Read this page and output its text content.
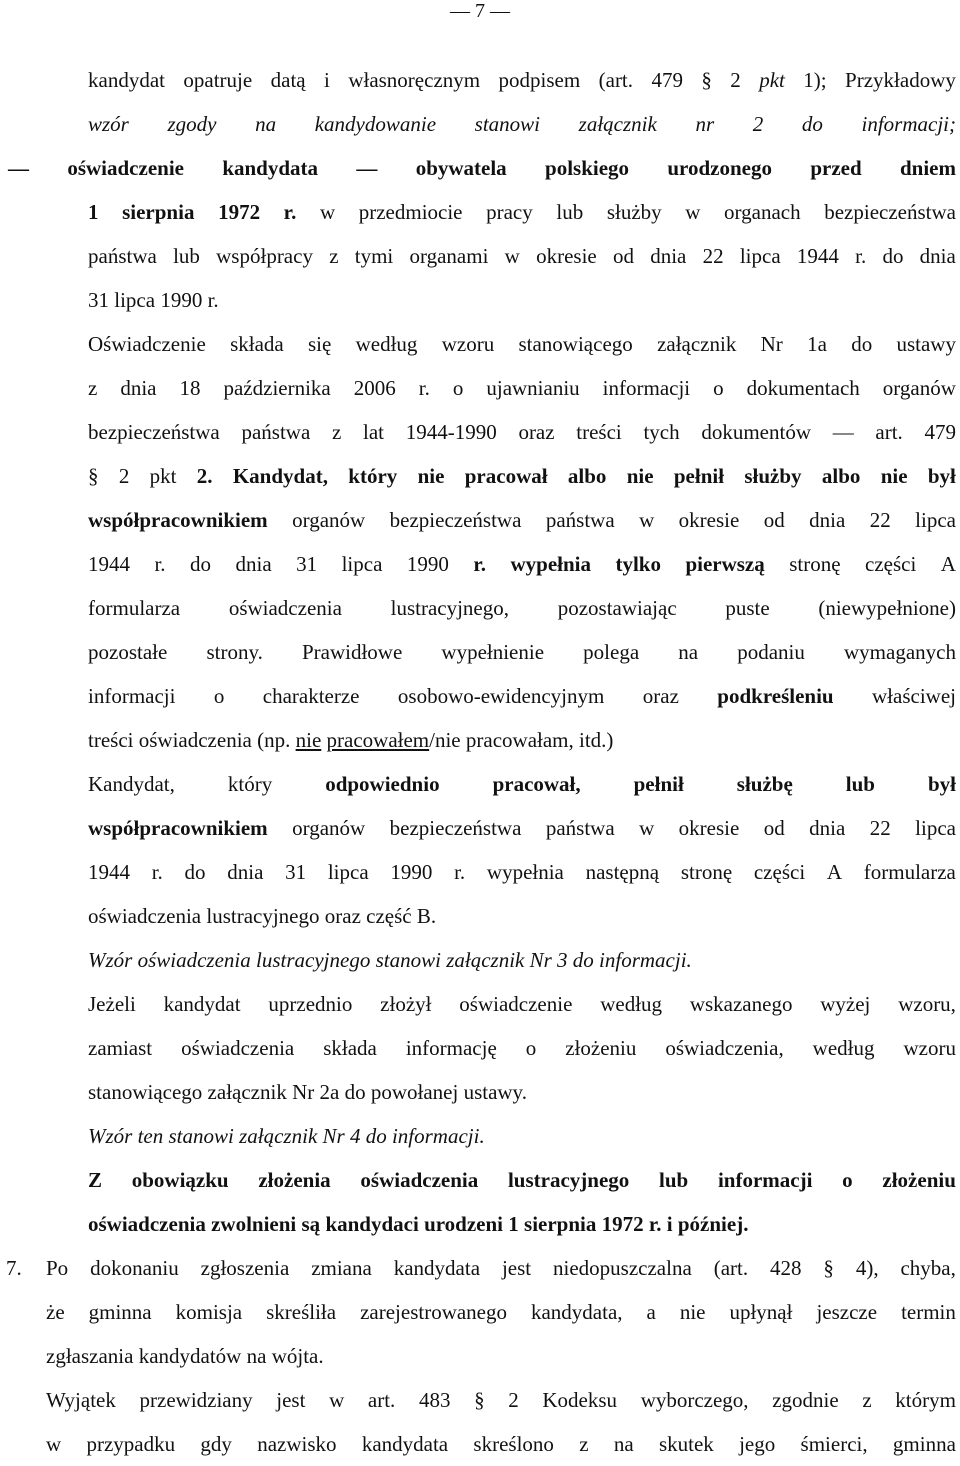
— 7 —
kandydat opatruje datą i własnoręcznym podpisem (art. 479 § 2 pkt 1); Przykładowy
wzór zgody na kandydowanie stanowi załącznik nr 2 do informacji;
— oświadczenie kandydata — obywatela polskiego urodzonego przed dniem
1 sierpnia 1972 r. w przedmiocie pracy lub służby w organach bezpieczeństwa
państwa lub współpracy z tymi organami w okresie od dnia 22 lipca 1944 r. do dnia
31
lipca
1990
r.
Oświadczenie składa się według wzoru stanowiącego załącznik Nr 1a do ustawy
z dnia 18 października 2006 r. o ujawnianiu informacji o dokumentach organów
bezpieczeństwa państwa z lat 1944-1990 oraz treści tych dokumentów — art. 479
§ 2 pkt 2. Kandydat, który nie pracował albo nie pełnił służby albo nie był
współpracownikiem organów bezpieczeństwa państwa w okresie od dnia 22 lipca
1944 r. do dnia 31 lipca 1990 r. wypełnia tylko pierwszą stronę części A
formularza oświadczenia lustracyjnego, pozostawiając puste (niewypełnione)
pozostałe strony. Prawidłowe wypełnienie polega na podaniu wymaganych
informacji o charakterze osobowo-ewidencyjnym oraz podkreśleniu właściwej
treści
oświadczenia
(np.
nie
pracowałem/nie
pracowałam,
itd.)
Kandydat,	który	odpowiednio	pracował,	pełnił	służbę	lub	był
współpracownikiem organów bezpieczeństwa państwa w okresie od dnia 22 lipca
1944 r. do dnia 31 lipca 1990 r. wypełnia następną stronę części A formularza
oświadczenia
lustracyjnego
oraz
część
B.
Wzór
oświadczenia
lustracyjnego
stanowi
załącznik
Nr
3
do
informacji.
Jeżeli kandydat uprzednio złożył oświadczenie według wskazanego wyżej wzoru,
zamiast oświadczenia składa informację o złożeniu oświadczenia, według wzoru
stanowiącego
załącznik
Nr
2a
do
powołanej
ustawy.
Wzór
ten
stanowi
załącznik
Nr
4
do
informacji.
Z obowiązku złożenia oświadczenia lustracyjnego lub informacji o złożeniu
oświadczenia
zwolnieni
są
kandydaci
urodzeni
1
sierpnia
1972
r.
i
później.
7.	Po dokonaniu zgłoszenia zmiana kandydata jest niedopuszczalna (art. 428 § 4), chyba,
że gminna komisja skreśliła zarejestrowanego kandydata, a nie upłynął jeszcze termin
zgłaszania
kandydatów
na
wójta.
Wyjątek przewidziany jest w art. 483 § 2 Kodeksu wyborczego, zgodnie z którym
w przypadku gdy nazwisko kandydata skreślono z na skutek jego śmierci, gminna
